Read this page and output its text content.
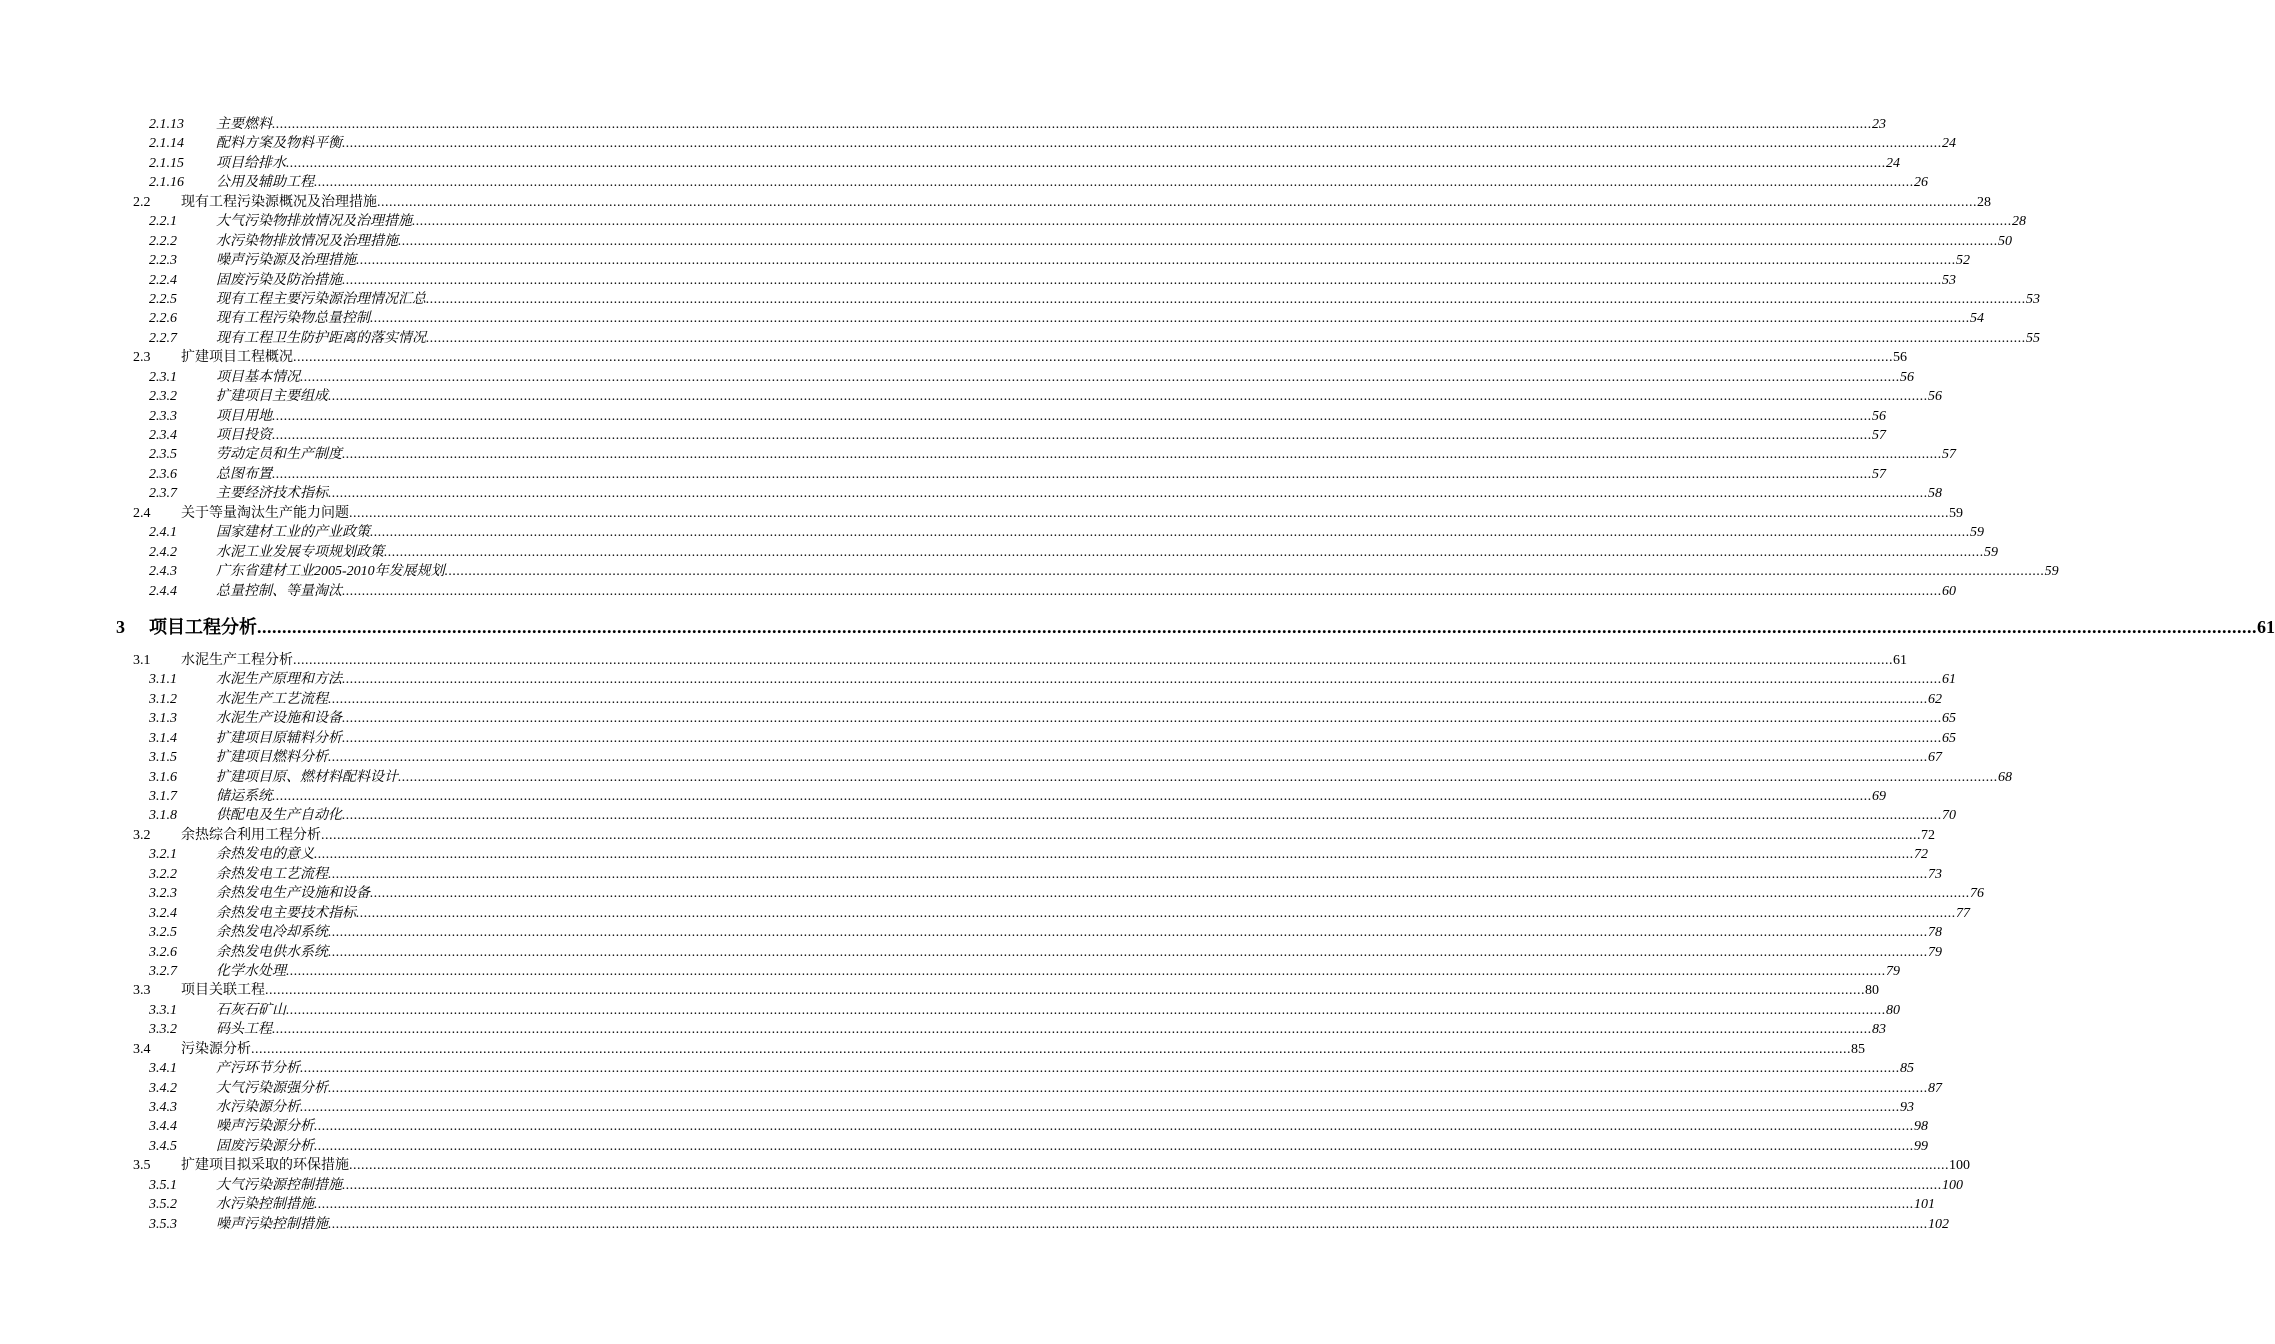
2.1.13 主要燃料 ................................................................................................................................................................................................................................................................................................................................................................................................................ 23
2.1.14 配料方案及物料平衡 ................................................................................................................................................................................................................................................................................................................................................................................................................ 24
2.1.15 项目给排水 ................................................................................................................................................................................................................................................................................................................................................................................................................ 24
2.1.16 公用及辅助工程 ................................................................................................................................................................................................................................................................................................................................................................................................................ 26
2.2 现有工程污染源概况及治理措施 ................................................................................................................................................................................................................................................................................................................................................................................................................ 28
2.2.1	大气污染物排放情况及治理措施 ................................................................................................................................................................................................................................................................................................................................................................................................................ 28
2.2.2	水污染物排放情况及治理措施 ................................................................................................................................................................................................................................................................................................................................................................................................................ 50
2.2.3	噪声污染源及治理措施 ................................................................................................................................................................................................................................................................................................................................................................................................................ 52
2.2.4	固废污染及防治措施 ................................................................................................................................................................................................................................................................................................................................................................................................................ 53
2.2.5	现有工程主要污染源治理情况汇总 ................................................................................................................................................................................................................................................................................................................................................................................................................ 53
2.2.6	现有工程污染物总量控制 ................................................................................................................................................................................................................................................................................................................................................................................................................ 54
2.2.7	现有工程卫生防护距离的落实情况 ................................................................................................................................................................................................................................................................................................................................................................................................................ 55
2.3 扩建项目工程概况 ................................................................................................................................................................................................................................................................................................................................................................................................................ 56
2.3.1	项目基本情况 ................................................................................................................................................................................................................................................................................................................................................................................................................ 56
2.3.2	扩建项目主要组成 ................................................................................................................................................................................................................................................................................................................................................................................................................ 56
2.3.3	项目用地 ................................................................................................................................................................................................................................................................................................................................................................................................................ 56
2.3.4	项目投资 ................................................................................................................................................................................................................................................................................................................................................................................................................ 57
2.3.5	劳动定员和生产制度 ................................................................................................................................................................................................................................................................................................................................................................................................................ 57
2.3.6	总图布置 ................................................................................................................................................................................................................................................................................................................................................................................................................ 57
2.3.7	主要经济技术指标 ................................................................................................................................................................................................................................................................................................................................................................................................................ 58
2.4 关于等量淘汰生产能力问题 ................................................................................................................................................................................................................................................................................................................................................................................................................ 59
2.4.1	国家建材工业的产业政策 ................................................................................................................................................................................................................................................................................................................................................................................................................ 59
2.4.2	水泥工业发展专项规划政策 ................................................................................................................................................................................................................................................................................................................................................................................................................ 59
2.4.3	广东省建材工业2005-2010年发展规划 ................................................................................................................................................................................................................................................................................................................................................................................................................ 59
2.4.4	总量控制、等量淘汰 ................................................................................................................................................................................................................................................................................................................................................................................................................ 60
3 项目工程分析 ................................................................................................................................................................................................................................................................................................................................................................................................................ 61
3.1 水泥生产工程分析 ................................................................................................................................................................................................................................................................................................................................................................................................................ 61
3.1.1	水泥生产原理和方法 ................................................................................................................................................................................................................................................................................................................................................................................................................ 61
3.1.2	水泥生产工艺流程 ................................................................................................................................................................................................................................................................................................................................................................................................................ 62
3.1.3	水泥生产设施和设备 ................................................................................................................................................................................................................................................................................................................................................................................................................ 65
3.1.4	扩建项目原辅料分析 ................................................................................................................................................................................................................................................................................................................................................................................................................ 65
3.1.5	扩建项目燃料分析 ................................................................................................................................................................................................................................................................................................................................................................................................................ 67
3.1.6	扩建项目原、燃材料配料设计 ................................................................................................................................................................................................................................................................................................................................................................................................................ 68
3.1.7	储运系统 ................................................................................................................................................................................................................................................................................................................................................................................................................ 69
3.1.8	供配电及生产自动化 ................................................................................................................................................................................................................................................................................................................................................................................................................ 70
3.2 余热综合利用工程分析 ................................................................................................................................................................................................................................................................................................................................................................................................................ 72
3.2.1	余热发电的意义 ................................................................................................................................................................................................................................................................................................................................................................................................................ 72
3.2.2	余热发电工艺流程 ................................................................................................................................................................................................................................................................................................................................................................................................................ 73
3.2.3	余热发电生产设施和设备 ................................................................................................................................................................................................................................................................................................................................................................................................................ 76
3.2.4	余热发电主要技术指标 ................................................................................................................................................................................................................................................................................................................................................................................................................ 77
3.2.5	余热发电冷却系统 ................................................................................................................................................................................................................................................................................................................................................................................................................ 78
3.2.6	余热发电供水系统 ................................................................................................................................................................................................................................................................................................................................................................................................................ 79
3.2.7	化学水处理 ................................................................................................................................................................................................................................................................................................................................................................................................................ 79
3.3 项目关联工程 ................................................................................................................................................................................................................................................................................................................................................................................................................ 80
3.3.1	石灰石矿山 ................................................................................................................................................................................................................................................................................................................................................................................................................ 80
3.3.2	码头工程 ................................................................................................................................................................................................................................................................................................................................................................................................................ 83
3.4 污染源分析 ................................................................................................................................................................................................................................................................................................................................................................................................................ 85
3.4.1	产污环节分析 ................................................................................................................................................................................................................................................................................................................................................................................................................ 85
3.4.2	大气污染源强分析 ................................................................................................................................................................................................................................................................................................................................................................................................................ 87
3.4.3	水污染源分析 ................................................................................................................................................................................................................................................................................................................................................................................................................ 93
3.4.4	噪声污染源分析 ................................................................................................................................................................................................................................................................................................................................................................................................................ 98
3.4.5	固废污染源分析 ................................................................................................................................................................................................................................................................................................................................................................................................................ 99
3.5 扩建项目拟采取的环保措施 ................................................................................................................................................................................................................................................................................................................................................................................................................ 100
3.5.1	大气污染源控制措施 ................................................................................................................................................................................................................................................................................................................................................................................................................ 100
3.5.2	水污染控制措施 ................................................................................................................................................................................................................................................................................................................................................................................................................ 101
3.5.3	噪声污染控制措施 ................................................................................................................................................................................................................................................................................................................................................................................................................ 102
